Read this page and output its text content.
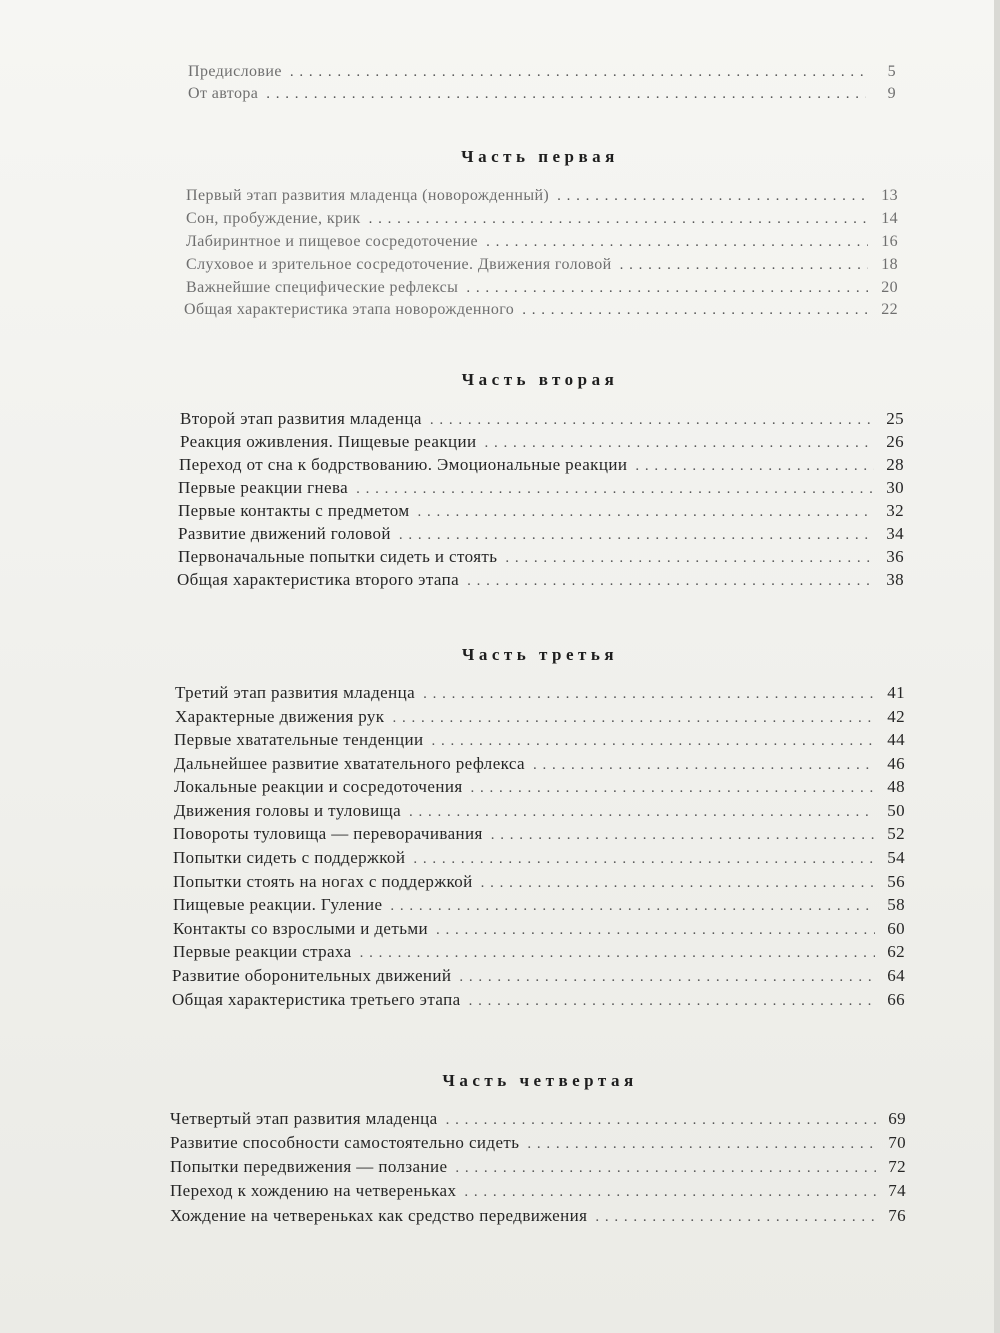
Предисловие . . .	5
От автора . . .	9
Часть первая
Первый этап развития младенца (новорожденный) . . .	13
Сон, пробуждение, крик . . .	14
Лабиринтное и пищевое сосредоточение . . .	16
Слуховое и зрительное сосредоточение. Движения головой . . .	18
Важнейшие специфические рефлексы . . .	20
Общая характеристика этапа новорожденного . . .	22
Часть вторая
Второй этап развития младенца . . .	25
Реакция оживления. Пищевые реакции . . .	26
Переход от сна к бодрствованию. Эмоциональные реакции . . .	28
Первые реакции гнева . . .	30
Первые контакты с предметом . . .	32
Развитие движений головой . . .	34
Первоначальные попытки сидеть и стоять . . .	36
Общая характеристика второго этапа . . .	38
Часть третья
Третий этап развития младенца . . .	41
Характерные движения рук . . .	42
Первые хватательные тенденции . . .	44
Дальнейшее развитие хватательного рефлекса . . .	46
Локальные реакции и сосредоточения . . .	48
Движения головы и туловища . . .	50
Повороты туловища — переворачивания . . .	52
Попытки сидеть с поддержкой . . .	54
Попытки стоять на ногах с поддержкой . . .	56
Пищевые реакции. Гуление . . .	58
Контакты со взрослыми и детьми . . .	60
Первые реакции страха . . .	62
Развитие оборонительных движений . . .	64
Общая характеристика третьего этапа . . .	66
Часть четвертая
Четвертый этап развития младенца . . .	69
Развитие способности самостоятельно сидеть . . .	70
Попытки передвижения — ползание . . .	72
Переход к хождению на четвереньках . . .	74
Хождение на четвереньках как средство передвижения . . .	76
